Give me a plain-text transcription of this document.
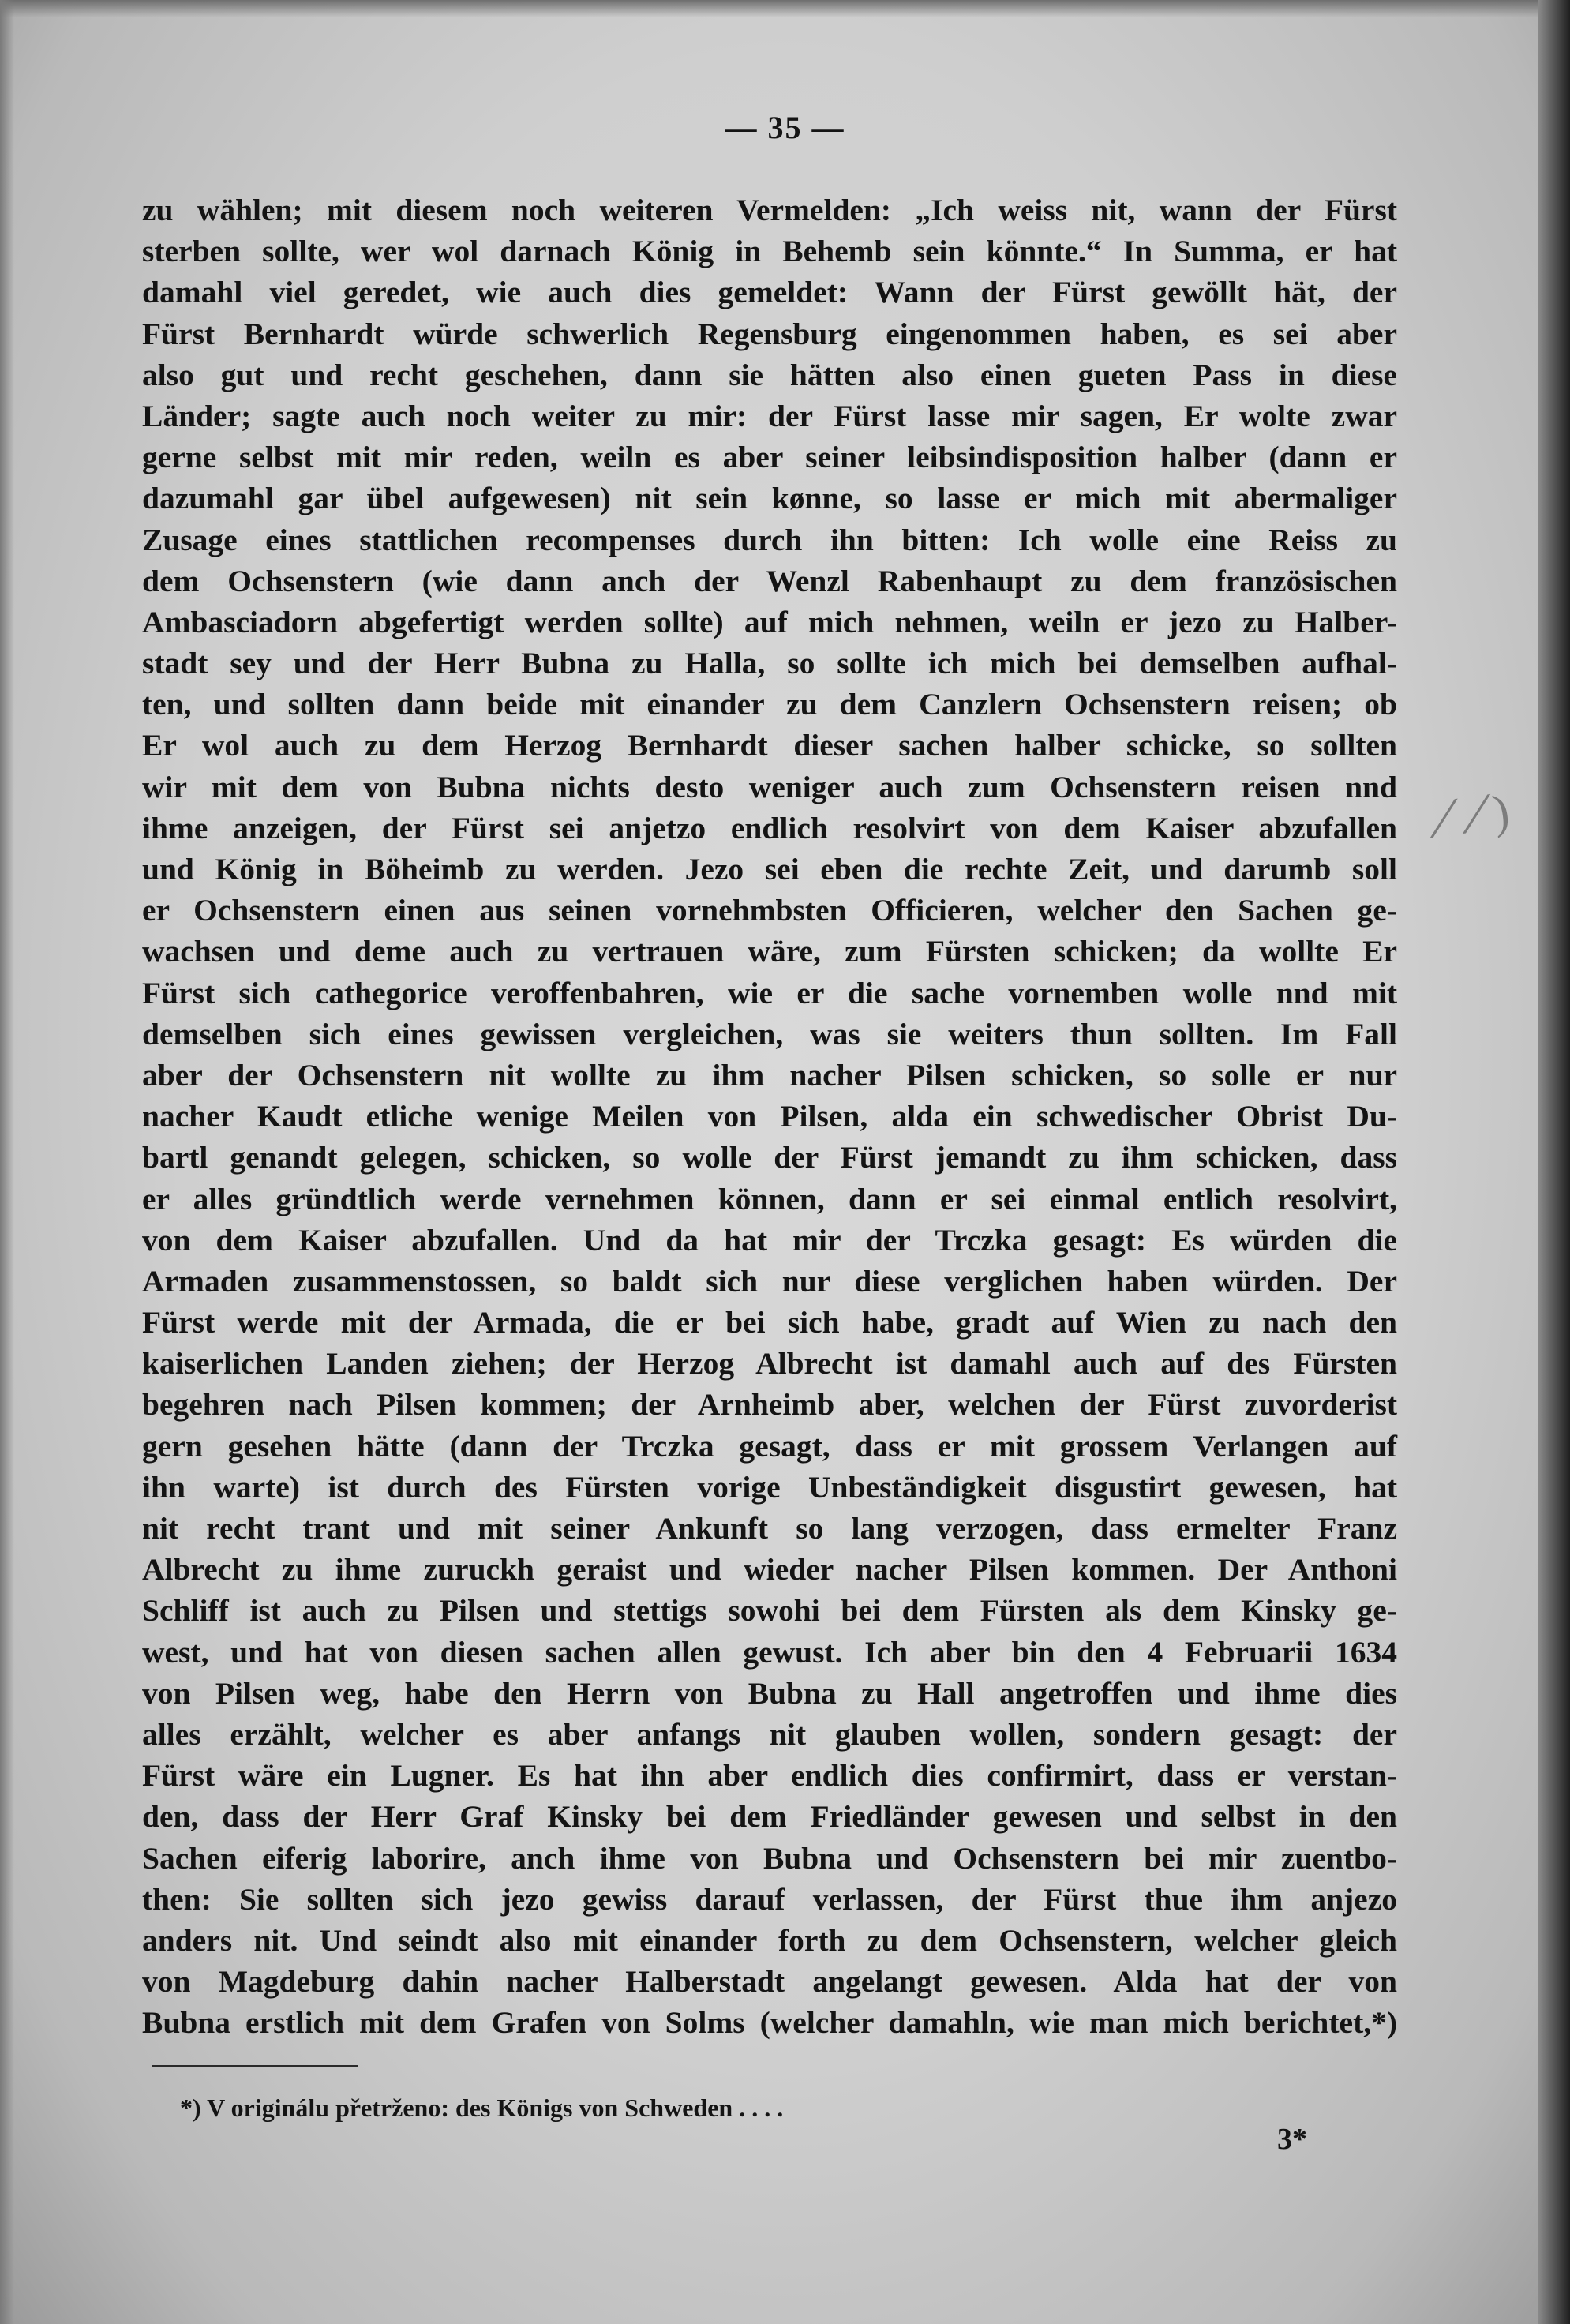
— 35 —
zu wählen; mit diesem noch weiteren Vermelden: „Ich weiss nit, wann der Fürst
sterben sollte, wer wol darnach König in Behemb sein könnte.“ In Summa, er hat
damahl viel geredet, wie auch dies gemeldet: Wann der Fürst gewöllt hät, der
Fürst Bernhardt würde schwerlich Regensburg eingenommen haben, es sei aber
also gut und recht geschehen, dann sie hätten also einen gueten Pass in diese
Länder; sagte auch noch weiter zu mir: der Fürst lasse mir sagen, Er wolte zwar
gerne selbst mit mir reden, weiln es aber seiner leibsindisposition halber (dann er
dazumahl gar übel aufgewesen) nit sein kønne, so lasse er mich mit abermaliger
Zusage eines stattlichen recompenses durch ihn bitten: Ich wolle eine Reiss zu
dem Ochsenstern (wie dann anch der Wenzl Rabenhaupt zu dem französischen
Ambasciadorn abgefertigt werden sollte) auf mich nehmen, weiln er jezo zu Halber-
stadt sey und der Herr Bubna zu Halla, so sollte ich mich bei demselben aufhal-
ten, und sollten dann beide mit einander zu dem Canzlern Ochsenstern reisen; ob
Er wol auch zu dem Herzog Bernhardt dieser sachen halber schicke, so sollten
wir mit dem von Bubna nichts desto weniger auch zum Ochsenstern reisen nnd
ihme anzeigen, der Fürst sei anjetzo endlich resolvirt von dem Kaiser abzufallen
und König in Böheimb zu werden. Jezo sei eben die rechte Zeit, und darumb soll
er Ochsenstern einen aus seinen vornehmbsten Officieren, welcher den Sachen ge-
wachsen und deme auch zu vertrauen wäre, zum Fürsten schicken; da wollte Er
Fürst sich cathegorice veroffenbahren, wie er die sache vornemben wolle nnd mit
demselben sich eines gewissen vergleichen, was sie weiters thun sollten. Im Fall
aber der Ochsenstern nit wollte zu ihm nacher Pilsen schicken, so solle er nur
nacher Kaudt etliche wenige Meilen von Pilsen, alda ein schwedischer Obrist Du-
bartl genandt gelegen, schicken, so wolle der Fürst jemandt zu ihm schicken, dass
er alles gründtlich werde vernehmen können, dann er sei einmal entlich resolvirt,
von dem Kaiser abzufallen. Und da hat mir der Trczka gesagt: Es würden die
Armaden zusammenstossen, so baldt sich nur diese verglichen haben würden. Der
Fürst werde mit der Armada, die er bei sich habe, gradt auf Wien zu nach den
kaiserlichen Landen ziehen; der Herzog Albrecht ist damahl auch auf des Fürsten
begehren nach Pilsen kommen; der Arnheimb aber, welchen der Fürst zuvorderist
gern gesehen hätte (dann der Trczka gesagt, dass er mit grossem Verlangen auf
ihn warte) ist durch des Fürsten vorige Unbeständigkeit disgustirt gewesen, hat
nit recht trant und mit seiner Ankunft so lang verzogen, dass ermelter Franz
Albrecht zu ihme zuruckh geraist und wieder nacher Pilsen kommen. Der Anthoni
Schliff ist auch zu Pilsen und stettigs sowohi bei dem Fürsten als dem Kinsky ge-
west, und hat von diesen sachen allen gewust. Ich aber bin den 4 Februarii 1634
von Pilsen weg, habe den Herrn von Bubna zu Hall angetroffen und ihme dies
alles erzählt, welcher es aber anfangs nit glauben wollen, sondern gesagt: der
Fürst wäre ein Lugner. Es hat ihn aber endlich dies confirmirt, dass er verstan-
den, dass der Herr Graf Kinsky bei dem Friedländer gewesen und selbst in den
Sachen eiferig laborire, anch ihme von Bubna und Ochsenstern bei mir zuentbo-
then: Sie sollten sich jezo gewiss darauf verlassen, der Fürst thue ihm anjezo
anders nit. Und seindt also mit einander forth zu dem Ochsenstern, welcher gleich
von Magdeburg dahin nacher Halberstadt angelangt gewesen. Alda hat der von
Bubna erstlich mit dem Grafen von Solms (welcher damahln, wie man mich berichtet,*)
⟋⟋)
*) V originálu přetrženo: des Königs von Schweden . . . .
3*
